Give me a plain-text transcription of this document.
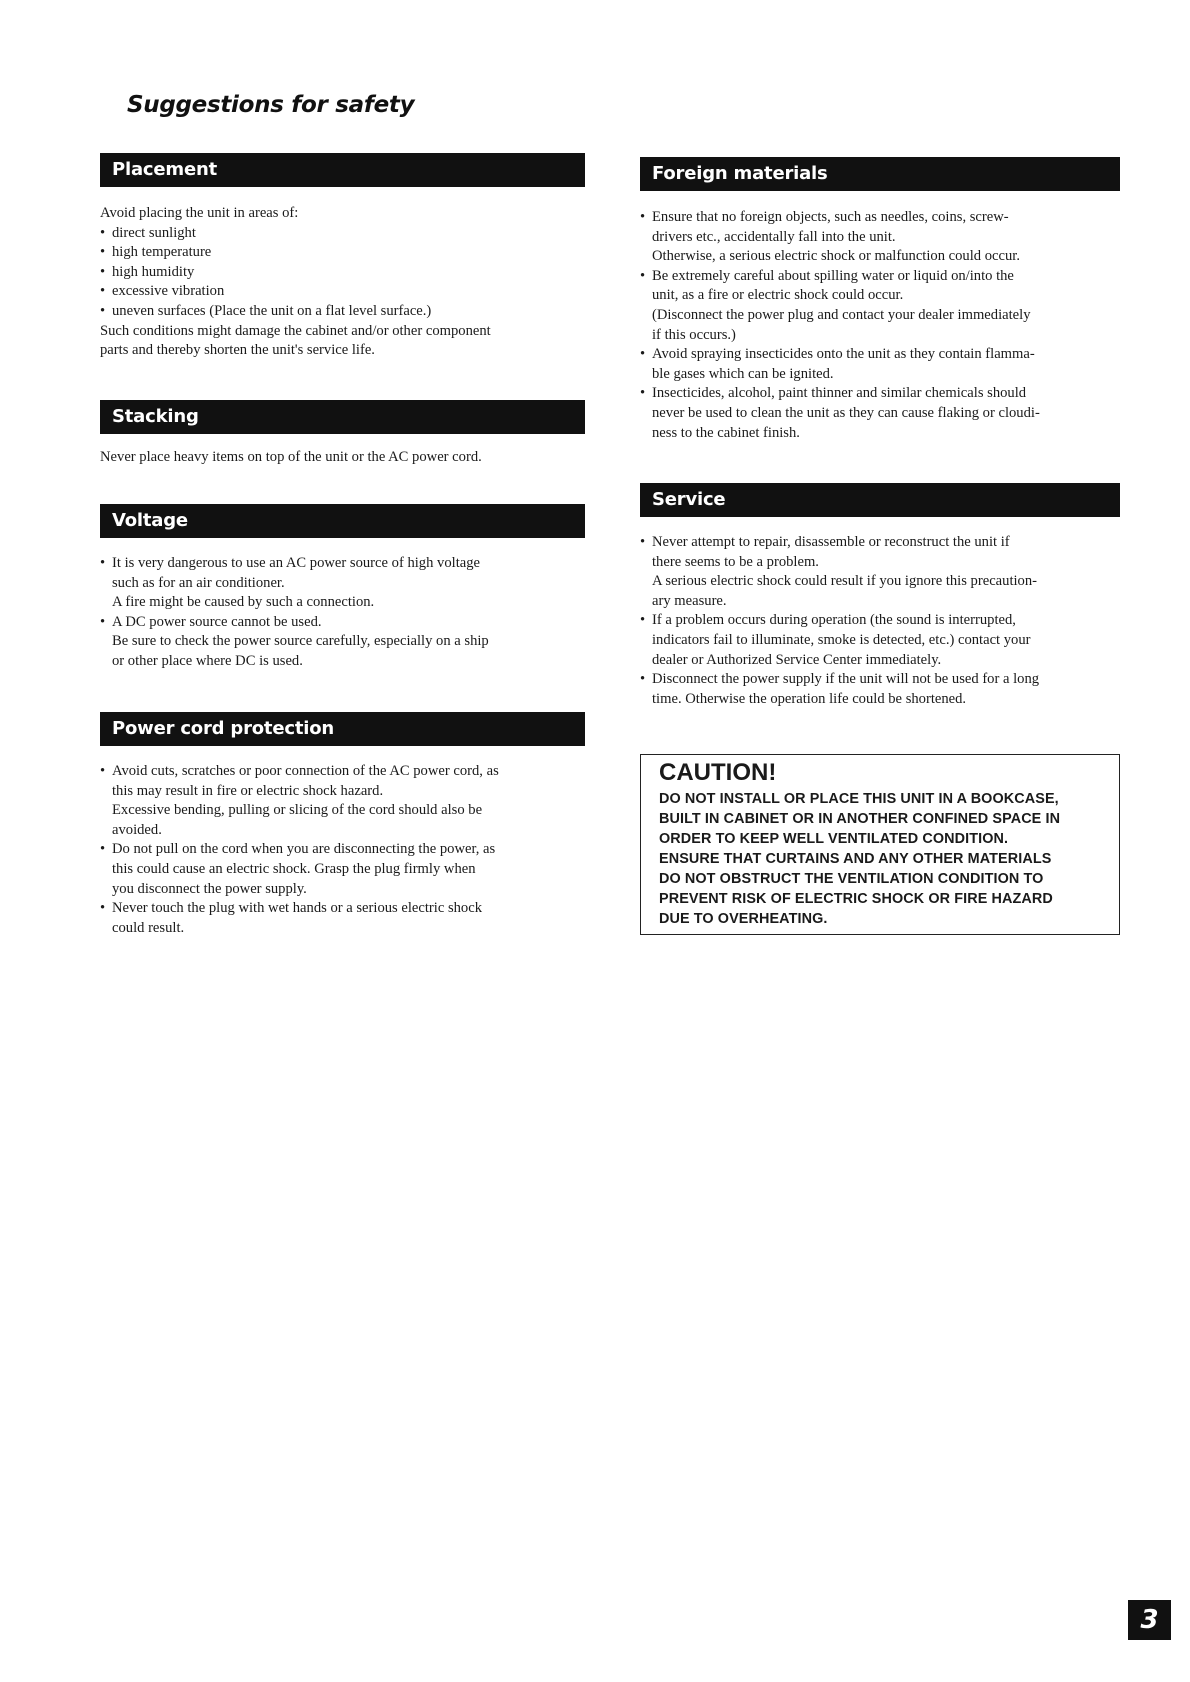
Suggestions for safety
Placement

Avoid placing the unit in areas of:

• direct sunlight
• high temperature
• high humidity
• excessive vibration
• uneven surfaces (Place the unit on a flat level surface.)

Such conditions might damage the cabinet and/or other component

parts and thereby shorten the unit's service life.

Stacking

Never place heavy items on top of the unit or the AC power cord.

Voltage
• It is very dangerous to use an AC power source of high voltage
such as for an air conditioner.
A fire might be caused by such a connection.
• A DC power source cannot be used.
Be sure to check the power source carefully, especially on a ship
or other place where DC is used.
Power cord protection
• Avoid cuts, scratches or poor connection of the AC power cord, as
this may result in fire or electric shock hazard.
Excessive bending, pulling or slicing of the cord should also be
avoided.
• Do not pull on the cord when you are disconnecting the power, as
this could cause an electric shock. Grasp the plug firmly when
you disconnect the power supply.
• Never touch the plug with wet hands or a serious electric shock
could result.
Foreign materials
• Ensure that no foreign objects, such as needles, coins, screw-
drivers etc., accidentally fall into the unit.
Otherwise, a serious electric shock or malfunction could occur.
• Be extremely careful about spilling water or liquid on/into the
unit, as a fire or electric shock could occur.
(Disconnect the power plug and contact your dealer immediately
if this occurs.)
• Avoid spraying insecticides onto the unit as they contain flamma-
ble gases which can be ignited.
• Insecticides, alcohol, paint thinner and similar chemicals should
never be used to clean the unit as they can cause flaking or cloudi-
ness to the cabinet finish.
Service
• Never attempt to repair, disassemble or reconstruct the unit if
there seems to be a problem.
A serious electric shock could result if you ignore this precaution-
ary measure.
• If a problem occurs during operation (the sound is interrupted,
indicators fail to illuminate, smoke is detected, etc.) contact your
dealer or Authorized Service Center immediately.
• Disconnect the power supply if the unit will not be used for a long
time. Otherwise the operation life could be shortened.
CAUTION!
DO NOT INSTALL OR PLACE THIS UNIT IN A BOOKCASE,
BUILT IN CABINET OR IN ANOTHER CONFINED SPACE IN
ORDER TO KEEP WELL VENTILATED CONDITION.
ENSURE THAT CURTAINS AND ANY OTHER MATERIALS
DO NOT OBSTRUCT THE VENTILATION CONDITION TO
PREVENT RISK OF ELECTRIC SHOCK OR FIRE HAZARD
DUE TO OVERHEATING.
3
